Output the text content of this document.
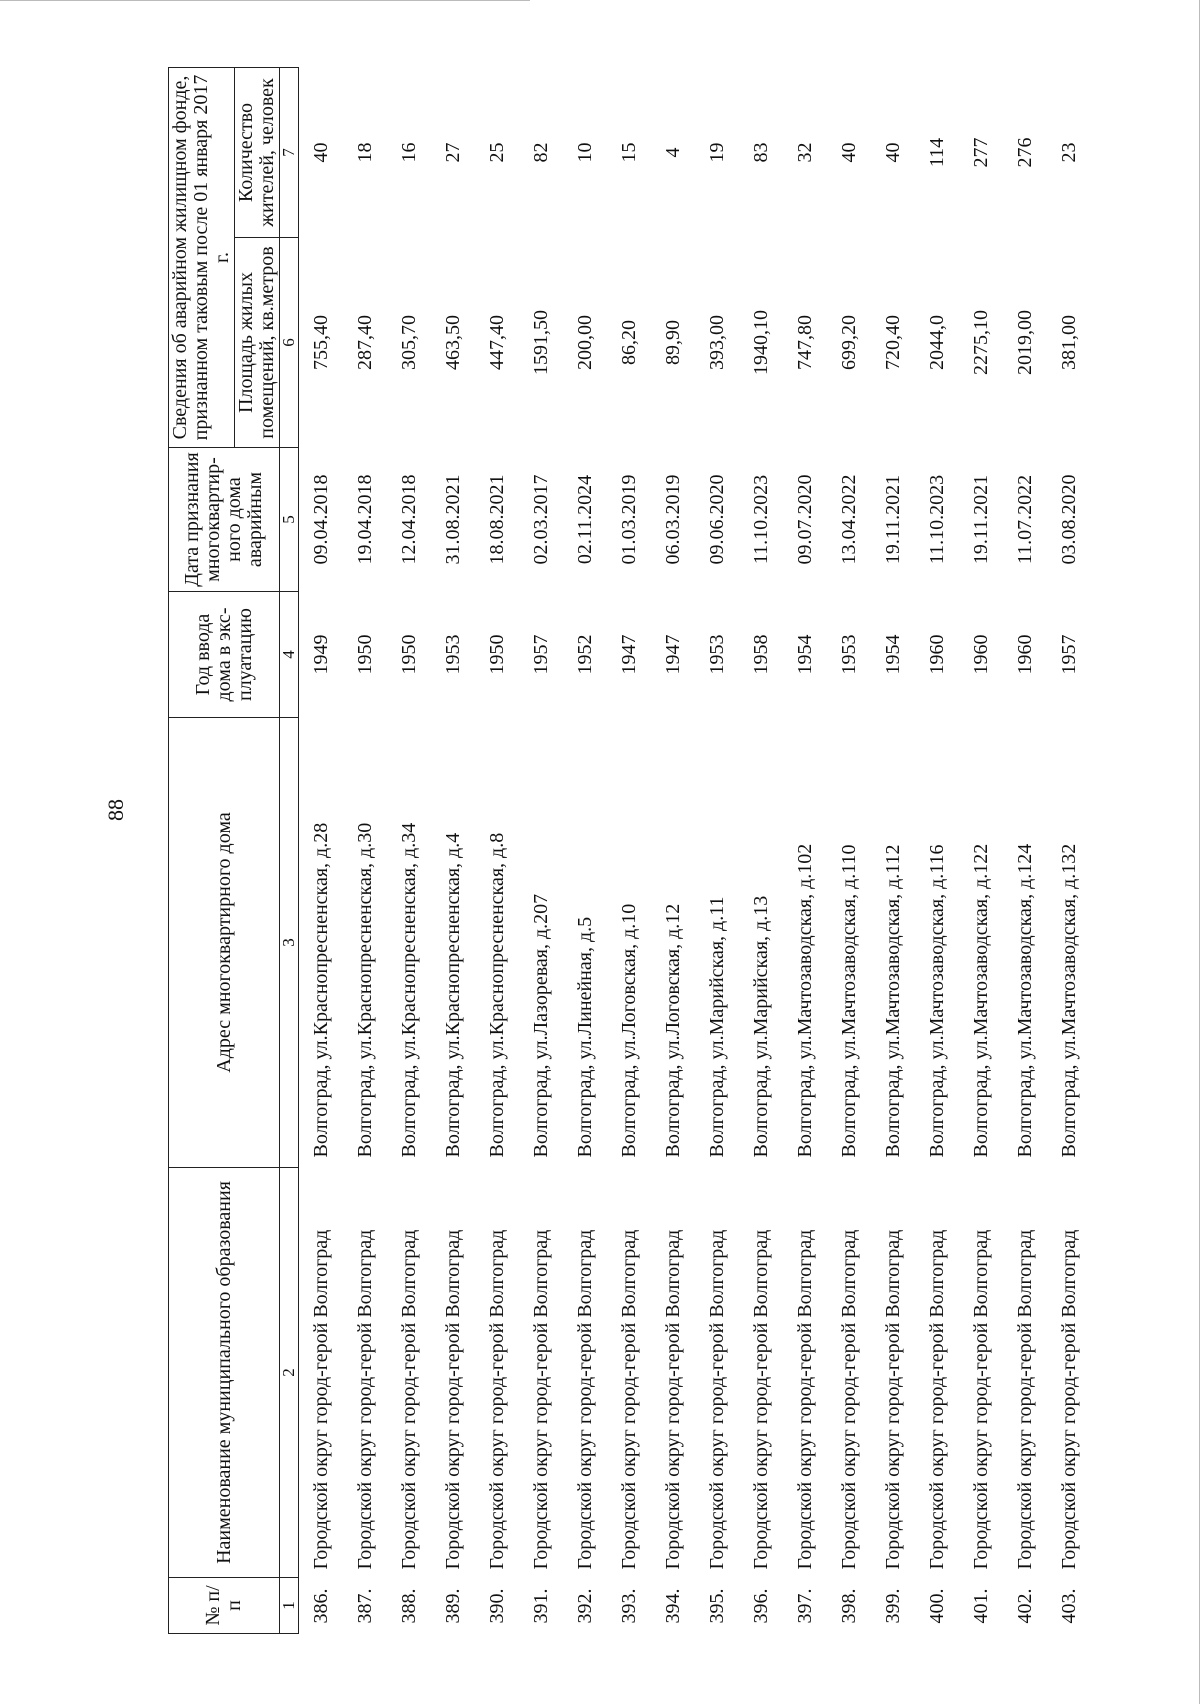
88
№ п/п	Наименование муниципального образования	Адрес многоквартирного дома	Год ввода дома в экс-плуатацию	Дата признания многоквартир-ного дома аварийным	Сведения об аварийном жилищном фонде, признанном таковым после 01 января 2017 г.	
					Площадь жилых помещений, кв.метров	Количество жителей, человек
1	2	3	4	5	6	7
386.	Городской округ город-герой Волгоград	Волгоград, ул.Краснопресненская, д.28	1949	09.04.2018	755,40	40
387.	Городской округ город-герой Волгоград	Волгоград, ул.Краснопресненская, д.30	1950	19.04.2018	287,40	18
388.	Городской округ город-герой Волгоград	Волгоград, ул.Краснопресненская, д.34	1950	12.04.2018	305,70	16
389.	Городской округ город-герой Волгоград	Волгоград, ул.Краснопресненская, д.4	1953	31.08.2021	463,50	27
390.	Городской округ город-герой Волгоград	Волгоград, ул.Краснопресненская, д.8	1950	18.08.2021	447,40	25
391.	Городской округ город-герой Волгоград	Волгоград, ул.Лазоревая, д.207	1957	02.03.2017	1591,50	82
392.	Городской округ город-герой Волгоград	Волгоград, ул.Линейная, д.5	1952	02.11.2024	200,00	10
393.	Городской округ город-герой Волгоград	Волгоград, ул.Логовская, д.10	1947	01.03.2019	86,20	15
394.	Городской округ город-герой Волгоград	Волгоград, ул.Логовская, д.12	1947	06.03.2019	89,90	4
395.	Городской округ город-герой Волгоград	Волгоград, ул.Марийская, д.11	1953	09.06.2020	393,00	19
396.	Городской округ город-герой Волгоград	Волгоград, ул.Марийская, д.13	1958	11.10.2023	1940,10	83
397.	Городской округ город-герой Волгоград	Волгоград, ул.Мачтозаводская, д.102	1954	09.07.2020	747,80	32
398.	Городской округ город-герой Волгоград	Волгоград, ул.Мачтозаводская, д.110	1953	13.04.2022	699,20	40
399.	Городской округ город-герой Волгоград	Волгоград, ул.Мачтозаводская, д.112	1954	19.11.2021	720,40	40
400.	Городской округ город-герой Волгоград	Волгоград, ул.Мачтозаводская, д.116	1960	11.10.2023	2044,0	114
401.	Городской округ город-герой Волгоград	Волгоград, ул.Мачтозаводская, д.122	1960	19.11.2021	2275,10	277
402.	Городской округ город-герой Волгоград	Волгоград, ул.Мачтозаводская, д.124	1960	11.07.2022	2019,00	276
403.	Городской округ город-герой Волгоград	Волгоград, ул.Мачтозаводская, д.132	1957	03.08.2020	381,00	23
